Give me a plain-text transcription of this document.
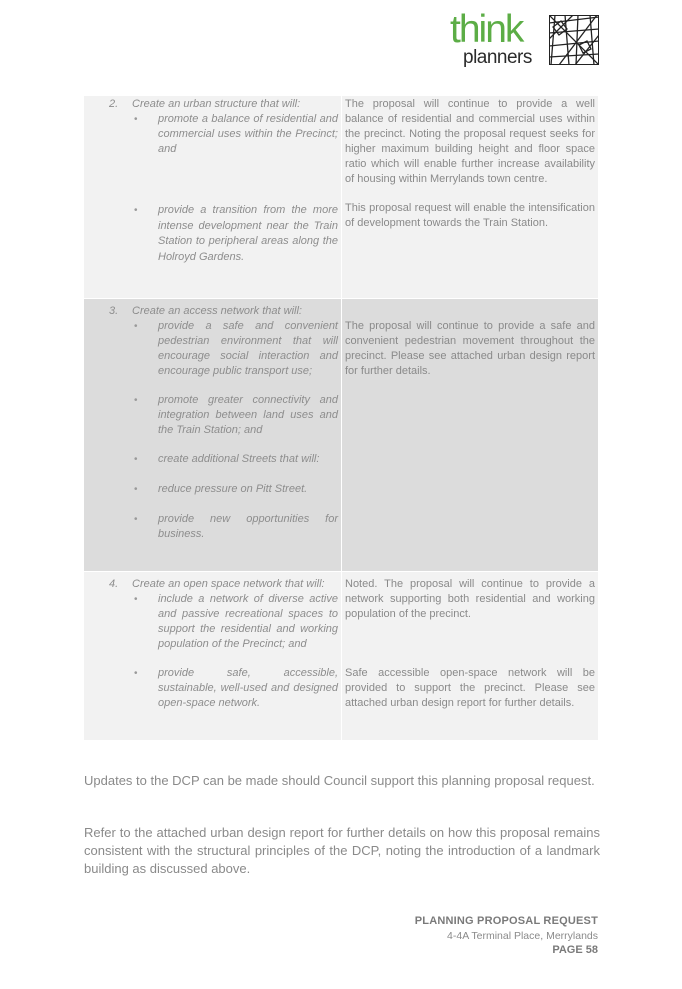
think
planners
2. Create an urban structure that will:
• promote a balance of residential and commercial uses within the Precinct; and
The proposal will continue to provide a well balance of residential and commercial uses within the precinct. Noting the proposal request seeks for higher maximum building height and floor space ratio which will enable further increase availability of housing within Merrylands town centre.
• provide a transition from the more intense development near the Train Station to peripheral areas along the Holroyd Gardens.
This proposal request will enable the intensification of development towards the Train Station.
3. Create an access network that will:
• provide a safe and convenient pedestrian environment that will encourage social interaction and encourage public transport use;
The proposal will continue to provide a safe and convenient pedestrian movement throughout the precinct. Please see attached urban design report for further details.
• promote greater connectivity and integration between land uses and the Train Station; and
• create additional Streets that will:
• reduce pressure on Pitt Street.
• provide new opportunities for business.
4. Create an open space network that will:
• include a network of diverse active and passive recreational spaces to support the residential and working population of the Precinct; and
Noted. The proposal will continue to provide a network supporting both residential and working population of the precinct.
• provide safe, accessible, sustainable, well-used and designed open-space network.
Safe accessible open-space network will be provided to support the precinct. Please see attached urban design report for further details.

Updates to the DCP can be made should Council support this planning proposal request.

Refer to the attached urban design report for further details on how this proposal remains consistent with the structural principles of the DCP, noting the introduction of a landmark building as discussed above.

PLANNING PROPOSAL REQUEST
4-4A Terminal Place, Merrylands
PAGE 58
